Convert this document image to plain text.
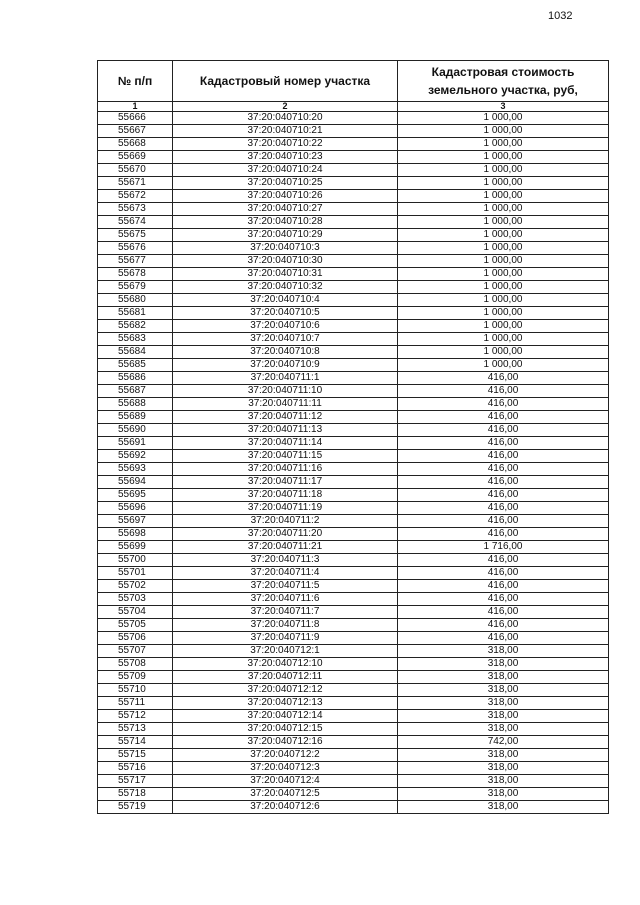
1032
№ п/п	Кадастровый номер участка	Кадастровая стоимость земельного участка, руб,
1	2	3
55666	37:20:040710:20	1 000,00
55667	37:20:040710:21	1 000,00
55668	37:20:040710:22	1 000,00
55669	37:20:040710:23	1 000,00
55670	37:20:040710:24	1 000,00
55671	37:20:040710:25	1 000,00
55672	37:20:040710:26	1 000,00
55673	37:20:040710:27	1 000,00
55674	37:20:040710:28	1 000,00
55675	37:20:040710:29	1 000,00
55676	37:20:040710:3	1 000,00
55677	37:20:040710:30	1 000,00
55678	37:20:040710:31	1 000,00
55679	37:20:040710:32	1 000,00
55680	37:20:040710:4	1 000,00
55681	37:20:040710:5	1 000,00
55682	37:20:040710:6	1 000,00
55683	37:20:040710:7	1 000,00
55684	37:20:040710:8	1 000,00
55685	37:20:040710:9	1 000,00
55686	37:20:040711:1	416,00
55687	37:20:040711:10	416,00
55688	37:20:040711:11	416,00
55689	37:20:040711:12	416,00
55690	37:20:040711:13	416,00
55691	37:20:040711:14	416,00
55692	37:20:040711:15	416,00
55693	37:20:040711:16	416,00
55694	37:20:040711:17	416,00
55695	37:20:040711:18	416,00
55696	37:20:040711:19	416,00
55697	37:20:040711:2	416,00
55698	37:20:040711:20	416,00
55699	37:20:040711:21	1 716,00
55700	37:20:040711:3	416,00
55701	37:20:040711:4	416,00
55702	37:20:040711:5	416,00
55703	37:20:040711:6	416,00
55704	37:20:040711:7	416,00
55705	37:20:040711:8	416,00
55706	37:20:040711:9	416,00
55707	37:20:040712:1	318,00
55708	37:20:040712:10	318,00
55709	37:20:040712:11	318,00
55710	37:20:040712:12	318,00
55711	37:20:040712:13	318,00
55712	37:20:040712:14	318,00
55713	37:20:040712:15	318,00
55714	37:20:040712:16	742,00
55715	37:20:040712:2	318,00
55716	37:20:040712:3	318,00
55717	37:20:040712:4	318,00
55718	37:20:040712:5	318,00
55719	37:20:040712:6	318,00
